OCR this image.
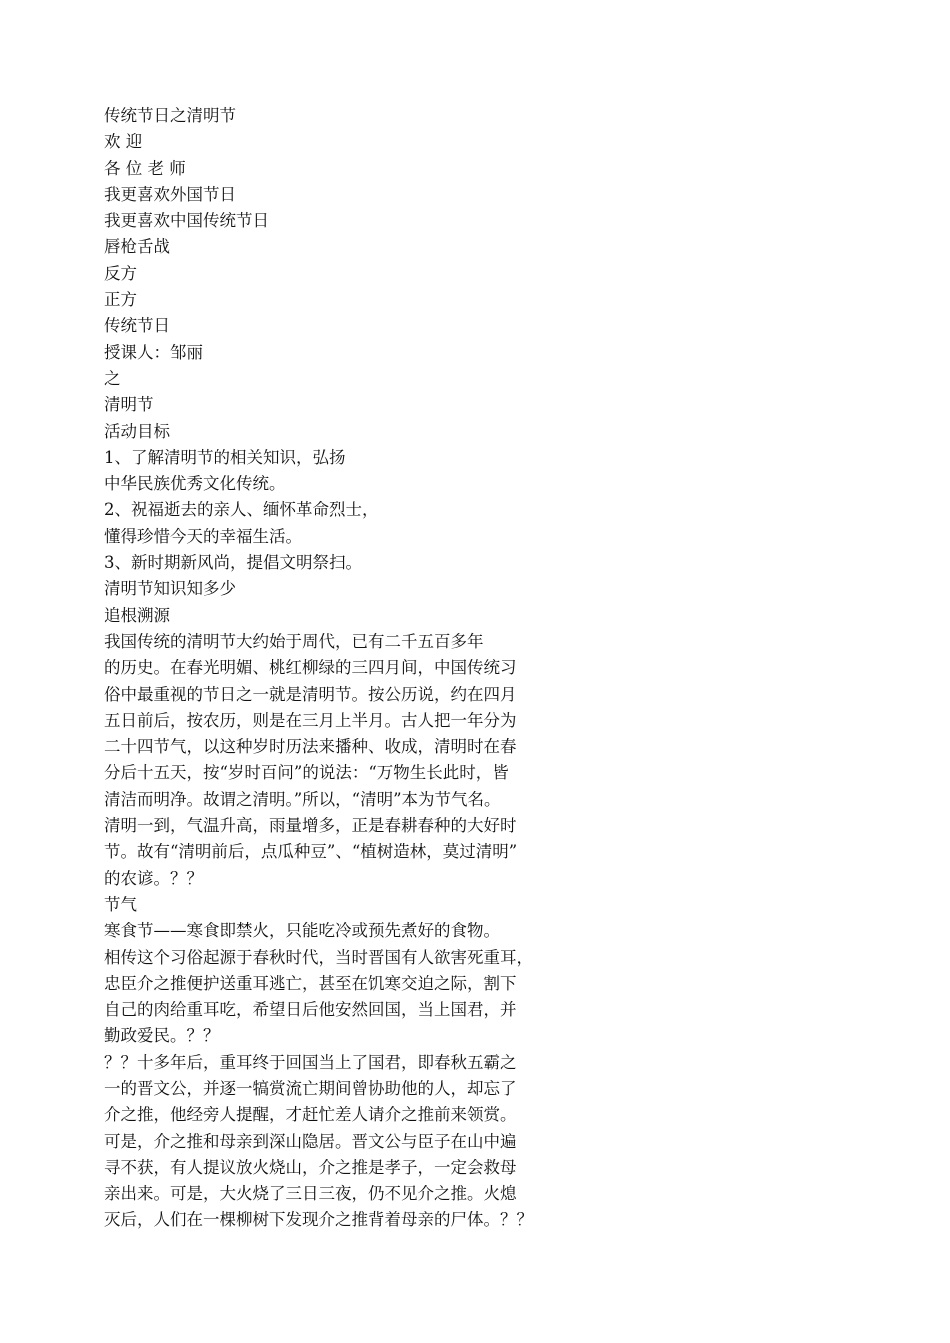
传统节日之清明节
欢 迎
各 位 老 师
我更喜欢外国节日
我更喜欢中国传统节日
唇枪舌战
反方
正方
传统节日
授课人：邹丽
之
清明节
活动目标
1、了解清明节的相关知识，弘扬
中华民族优秀文化传统。
2、祝福逝去的亲人、缅怀革命烈士，
懂得珍惜今天的幸福生活。
3、新时期新风尚，提倡文明祭扫。
清明节知识知多少
追根溯源
我国传统的清明节大约始于周代，已有二千五百多年
的历史。在春光明媚、桃红柳绿的三四月间，中国传统习
俗中最重视的节日之一就是清明节。按公历说，约在四月
五日前后，按农历，则是在三月上半月。古人把一年分为
二十四节气，以这种岁时历法来播种、收成，清明时在春
分后十五天，按“岁时百问”的说法：“万物生长此时，皆
清洁而明净。故谓之清明。”所以，“清明”本为节气名。
清明一到，气温升高，雨量增多，正是春耕春种的大好时
节。故有“清明前后，点瓜种豆”、“植树造林，莫过清明”
的农谚。？？
节气
寒食节——寒食即禁火，只能吃冷或预先煮好的食物。
相传这个习俗起源于春秋时代，当时晋国有人欲害死重耳，
忠臣介之推便护送重耳逃亡，甚至在饥寒交迫之际，割下
自己的肉给重耳吃，希望日后他安然回国，当上国君，并
勤政爱民。？？
？？十多年后，重耳终于回国当上了国君，即春秋五霸之
一的晋文公，并逐一犒赏流亡期间曾协助他的人，却忘了
介之推，他经旁人提醒，才赶忙差人请介之推前来领赏。
可是，介之推和母亲到深山隐居。晋文公与臣子在山中遍
寻不获，有人提议放火烧山，介之推是孝子，一定会救母
亲出来。可是，大火烧了三日三夜，仍不见介之推。火熄
灭后，人们在一棵柳树下发现介之推背着母亲的尸体。？？
